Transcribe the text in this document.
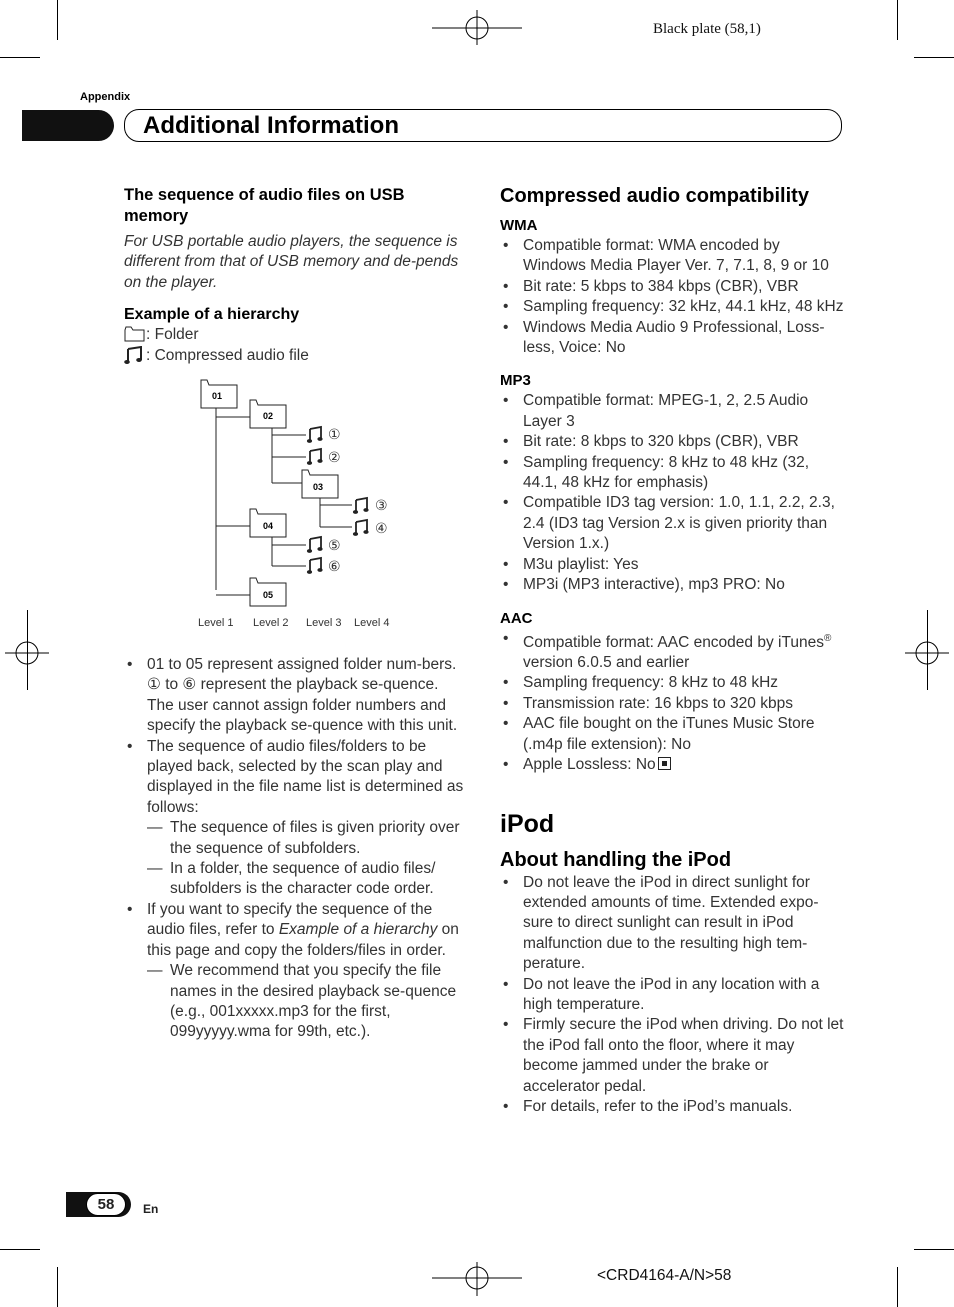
Black plate (58,1)
Appendix
Additional Information
The sequence of audio files on USB memory
For USB portable audio players, the sequence is different from that of USB memory and de-pends on the player.
Example of a hierarchy
: Folder
: Compressed audio file
01
02
03
04
05
①
②
③
④
⑤
⑥
Level 1 Level 2 Level 3 Level 4
• 01 to 05 represent assigned folder num-bers. ① to ⑥ represent the playback se-quence. The user cannot assign folder numbers and specify the playback se-quence with this unit.
• The sequence of audio files/folders to be played back, selected by the scan play and displayed in the file name list is determined as follows:
— The sequence of files is given priority over the sequence of subfolders.
— In a folder, the sequence of audio files/ subfolders is the character code order.
• If you want to specify the sequence of the audio files, refer to Example of a hierarchy on this page and copy the folders/files in order.
— We recommend that you specify the file names in the desired playback se-quence (e.g., 001xxxxx.mp3 for the first, 099yyyyy.wma for 99th, etc.).
Compressed audio compatibility
WMA
• Compatible format: WMA encoded by Windows Media Player Ver. 7, 7.1, 8, 9 or 10
• Bit rate: 5 kbps to 384 kbps (CBR), VBR
• Sampling frequency: 32 kHz, 44.1 kHz, 48 kHz
• Windows Media Audio 9 Professional, Loss-less, Voice: No
MP3
• Compatible format: MPEG-1, 2, 2.5 Audio Layer 3
• Bit rate: 8 kbps to 320 kbps (CBR), VBR
• Sampling frequency: 8 kHz to 48 kHz (32, 44.1, 48 kHz for emphasis)
• Compatible ID3 tag version: 1.0, 1.1, 2.2, 2.3, 2.4 (ID3 tag Version 2.x is given priority than Version 1.x.)
• M3u playlist: Yes
• MP3i (MP3 interactive), mp3 PRO: No
AAC
• Compatible format: AAC encoded by iTunes® version 6.0.5 and earlier
• Sampling frequency: 8 kHz to 48 kHz
• Transmission rate: 16 kbps to 320 kbps
• AAC file bought on the iTunes Music Store (.m4p file extension): No
• Apple Lossless: No
iPod
About handling the iPod
• Do not leave the iPod in direct sunlight for extended amounts of time. Extended expo-sure to direct sunlight can result in iPod malfunction due to the resulting high tem-perature.
• Do not leave the iPod in any location with a high temperature.
• Firmly secure the iPod when driving. Do not let the iPod fall onto the floor, where it may become jammed under the brake or accelerator pedal.
• For details, refer to the iPod’s manuals.
58	En
<CRD4164-A/N>58
